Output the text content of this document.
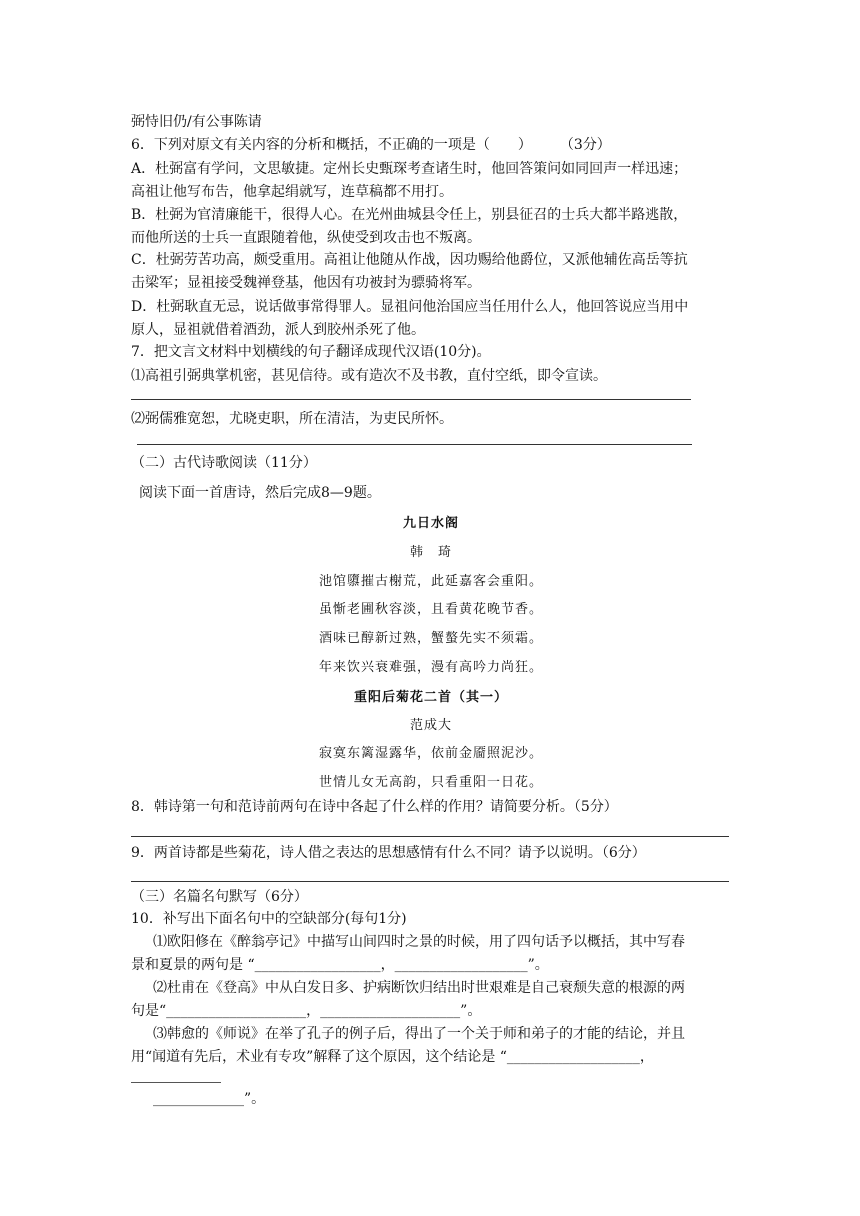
弼恃旧仍/有公事陈请
6．下列对原文有关内容的分析和概括，不正确的一项是（　　）　　　（3分）
A．杜弼富有学问，文思敏捷。定州长史甄琛考查诸生时，他回答策问如同回声一样迅速；
高祖让他写布告，他拿起绢就写，连草稿都不用打。
B．杜弼为官清廉能干，很得人心。在光州曲城县令任上，别县征召的士兵大都半路逃散，
而他所送的士兵一直跟随着他，纵使受到攻击也不叛离。
C．杜弼劳苦功高，颇受重用。高祖让他随从作战，因功赐给他爵位，又派他辅佐高岳等抗
击梁军；显祖接受魏禅登基，他因有功被封为骠骑将军。
D．杜弼耿直无忌，说话做事常得罪人。显祖问他治国应当任用什么人，他回答说应当用中
原人，显祖就借着酒劲，派人到胶州杀死了他。
7．把文言文材料中划横线的句子翻译成现代汉语(10分)。
⑴高祖引弼典掌机密，甚见信待。或有造次不及书教，直付空纸，即令宣读。
⑵弼儒雅宽恕，尤晓吏职，所在清洁，为吏民所怀。
（二）古代诗歌阅读（11分）
阅读下面一首唐诗，然后完成8—9题。
九日水阁
韩　琦
池馆隳摧古榭荒，此延嘉客会重阳。
虽惭老圃秋容淡，且看黄花晚节香。
酒味已醇新过熟，蟹螯先实不须霜。
年来饮兴衰难强，漫有高吟力尚狂。
重阳后菊花二首（其一）
范成大
寂寞东篱湿露华，依前金靥照泥沙。
世情儿女无高韵，只看重阳一日花。
8．韩诗第一句和范诗前两句在诗中各起了什么样的作用？请简要分析。（5分）
9．两首诗都是些菊花，诗人借之表达的思想感情有什么不同？请予以说明。（6分）
（三）名篇名句默写（6分）
10．补写出下面名句中的空缺部分(每句1分)
⑴欧阳修在《醉翁亭记》中描写山间四时之景的时候，用了四句话予以概括，其中写春
景和夏景的两句是 “__________________，___________________”。
⑵杜甫在《登高》中从白发日多、护病断饮归结出时世艰难是自己衰颓失意的根源的两
句是“____________________，____________________”。
⑶韩愈的《师说》在举了孔子的例子后，得出了一个关于师和弟子的才能的结论，并且
用“闻道有先后，术业有专攻”解释了这个原因，这个结论是 “___________________，
_____________”。
